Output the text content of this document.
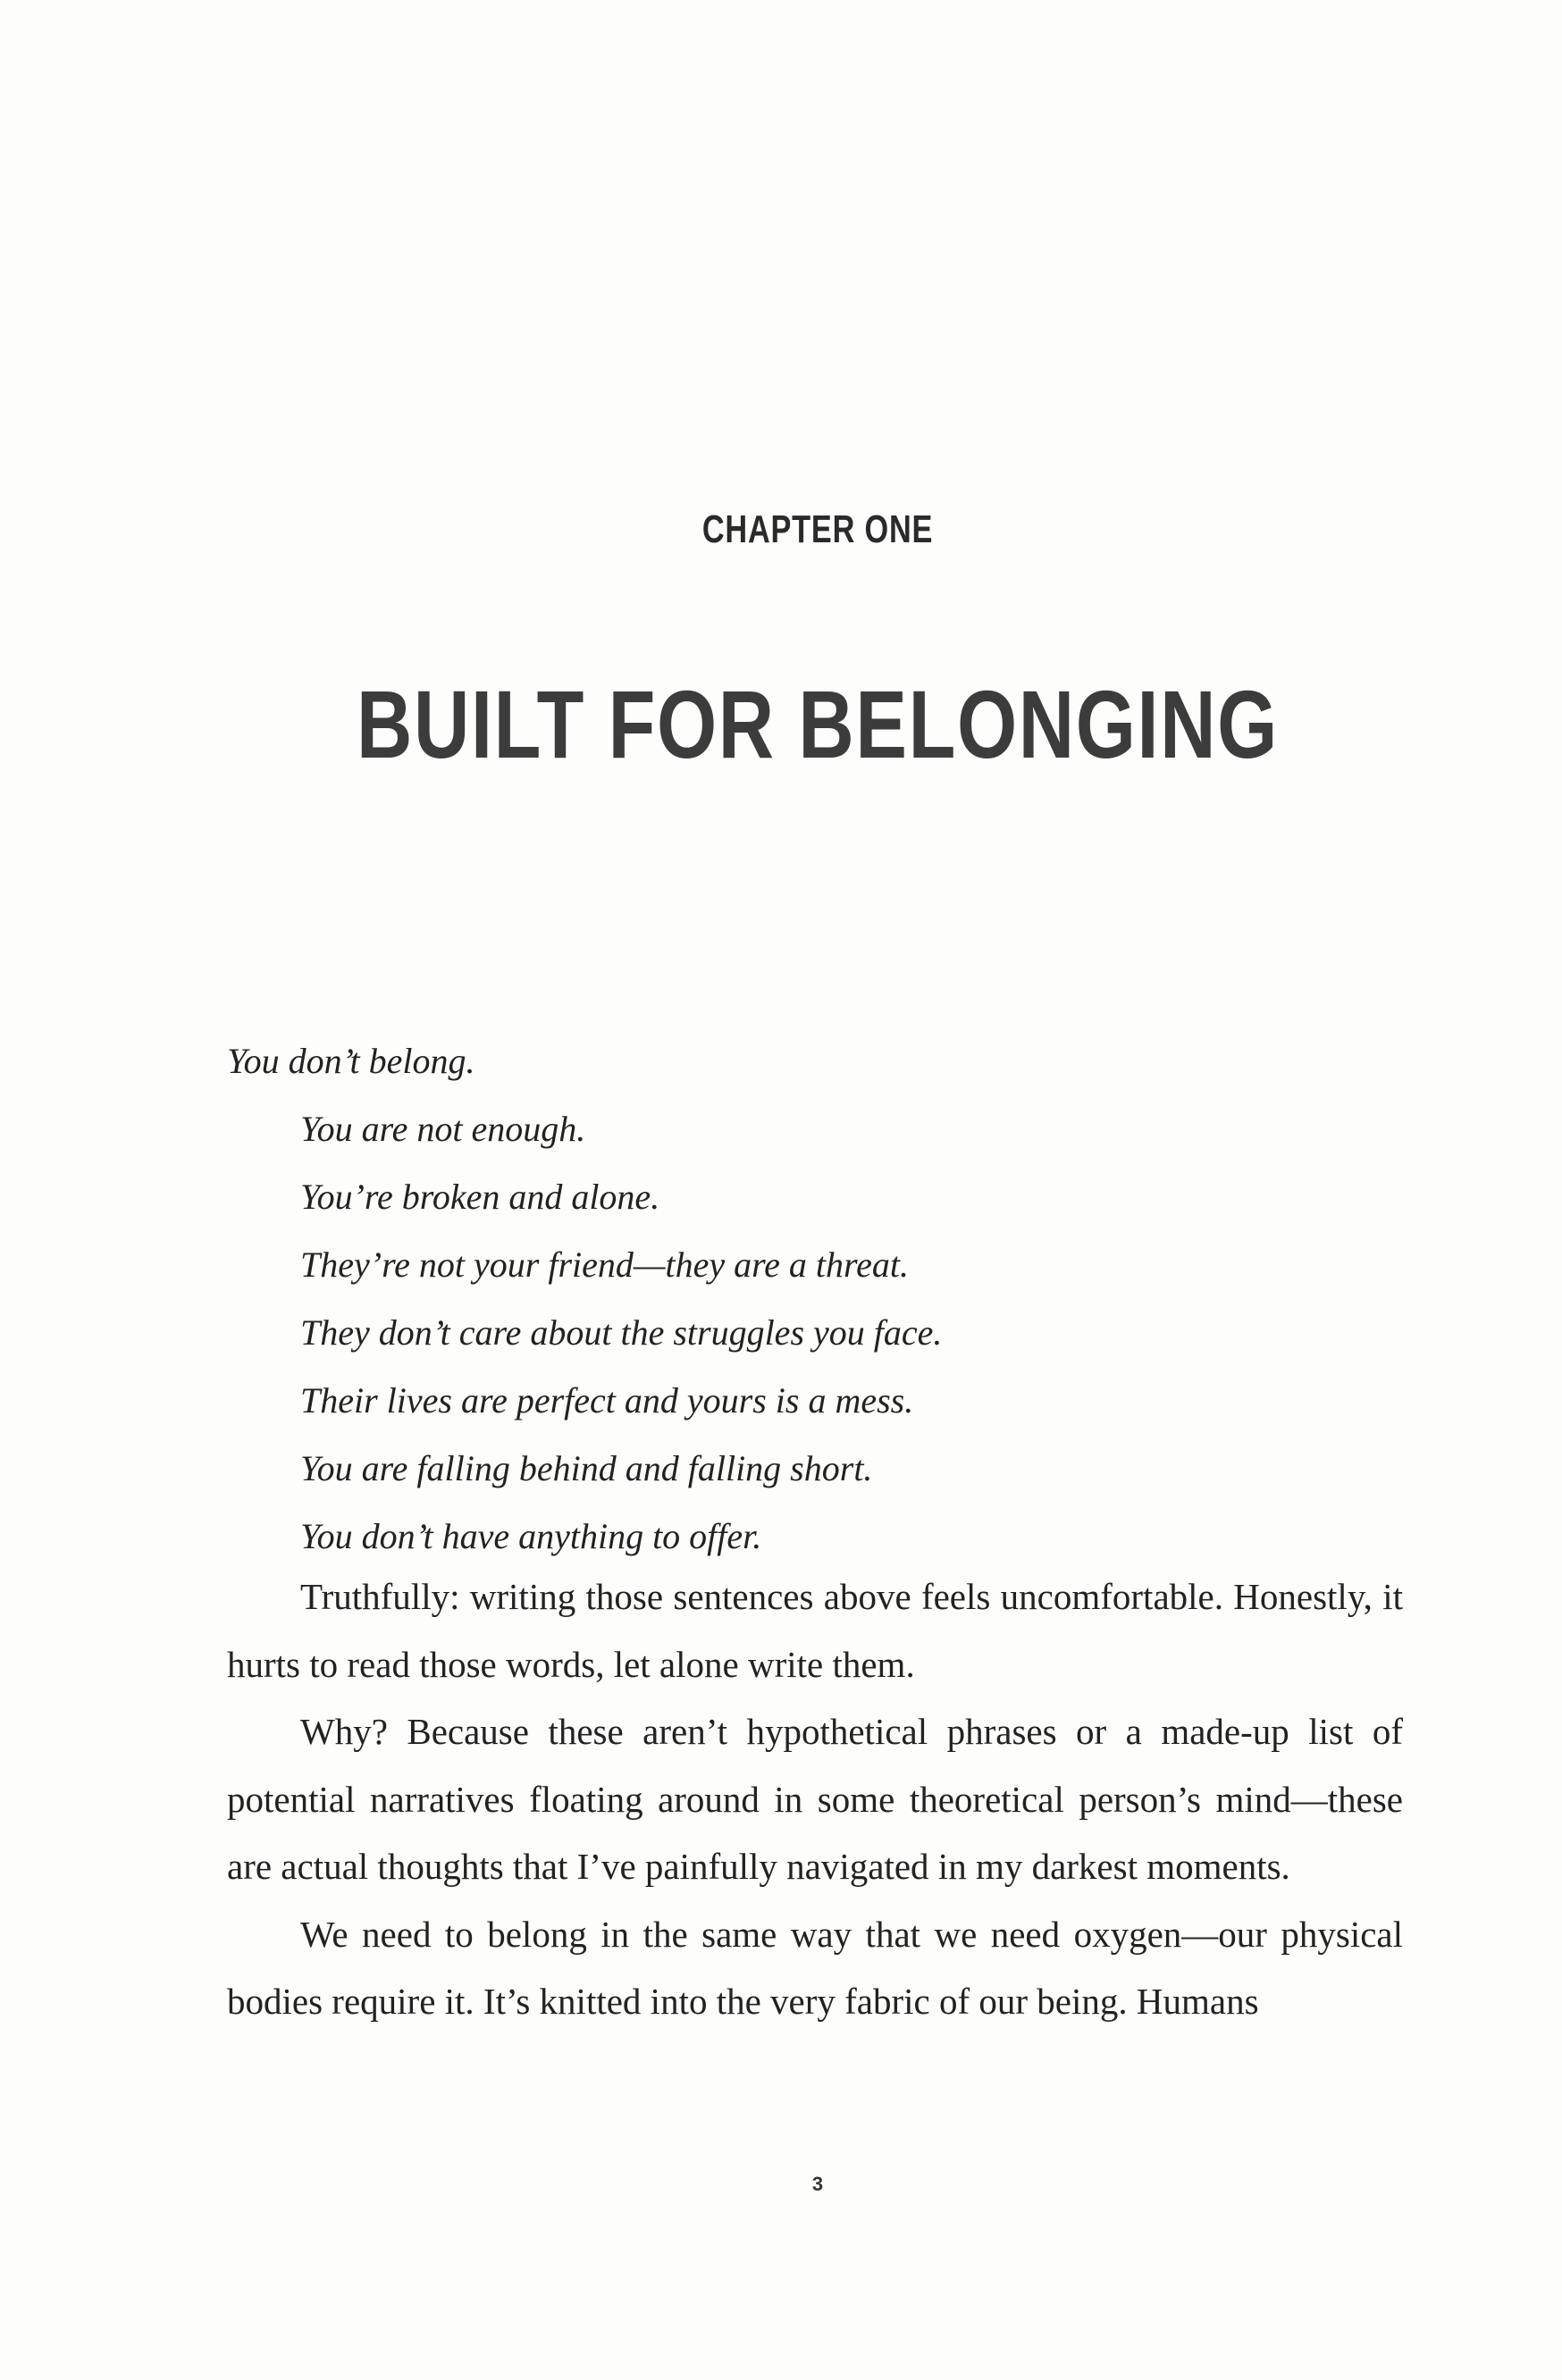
CHAPTER ONE
BUILT FOR BELONGING
You don’t belong.
You are not enough.
You’re broken and alone.
They’re not your friend—they are a threat.
They don’t care about the struggles you face.
Their lives are perfect and yours is a mess.
You are falling behind and falling short.
You don’t have anything to offer.

Truthfully: writing those sentences above feels uncomfortable. Honestly, it hurts to read those words, let alone write them.

Why? Because these aren’t hypothetical phrases or a made-up list of potential narratives floating around in some theoretical person’s mind—these are actual thoughts that I’ve painfully navigated in my darkest moments.

We need to belong in the same way that we need oxygen—our physical bodies require it. It’s knitted into the very fabric of our being. Humans

3
